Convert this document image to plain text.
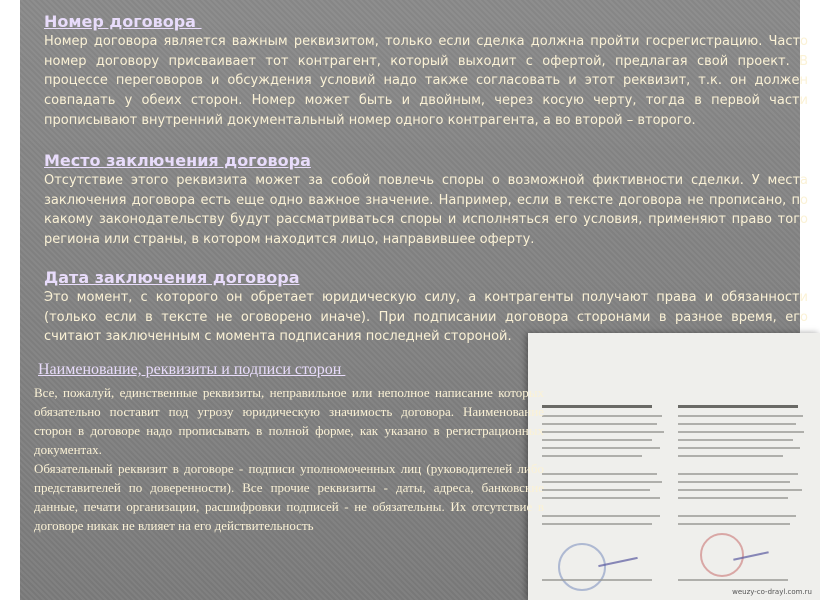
weuzy-co-drayl.com.ru
Номер договора
Номер договора является важным реквизитом, только если сделка должна пройти госрегистрацию. Часто номер договору присваивает тот контрагент, который выходит с офертой, предлагая свой проект. В процессе переговоров и обсуждения условий надо также согласовать и этот реквизит, т.к. он должен совпадать у обеих сторон. Номер может быть и двойным, через косую черту, тогда в первой части прописывают внутренний документальный номер одного контрагента, а во второй – второго.
Место заключения договора
Отсутствие этого реквизита может за собой повлечь споры о возможной фиктивности сделки. У места заключения договора есть еще одно важное значение. Например, если в тексте договора не прописано, по какому законодательству будут рассматриваться споры и исполняться его условия, применяют право того региона или страны, в котором находится лицо, направившее оферту.
Дата заключения договора
Это момент, с которого он обретает юридическую силу, а контрагенты получают права и обязанности (только если в тексте не оговорено иначе). При подписании договора сторонами в разное время, его считают заключенным с момента подписания последней стороной.
Наименование, реквизиты и подписи сторон
Все, пожалуй, единственные реквизиты, неправильное или неполное написание которых обязательно поставит под угрозу юридическую значимость договора. Наименование сторон в договоре надо прописывать в полной форме, как указано в регистрационных документах.
Обязательный реквизит в договоре - подписи уполномоченных лиц (руководителей либо представителей по доверенности). Все прочие реквизиты - даты, адреса, банковские данные, печати организации, расшифровки подписей - не обязательны. Их отсутствие в договоре никак не влияет на его действительность
